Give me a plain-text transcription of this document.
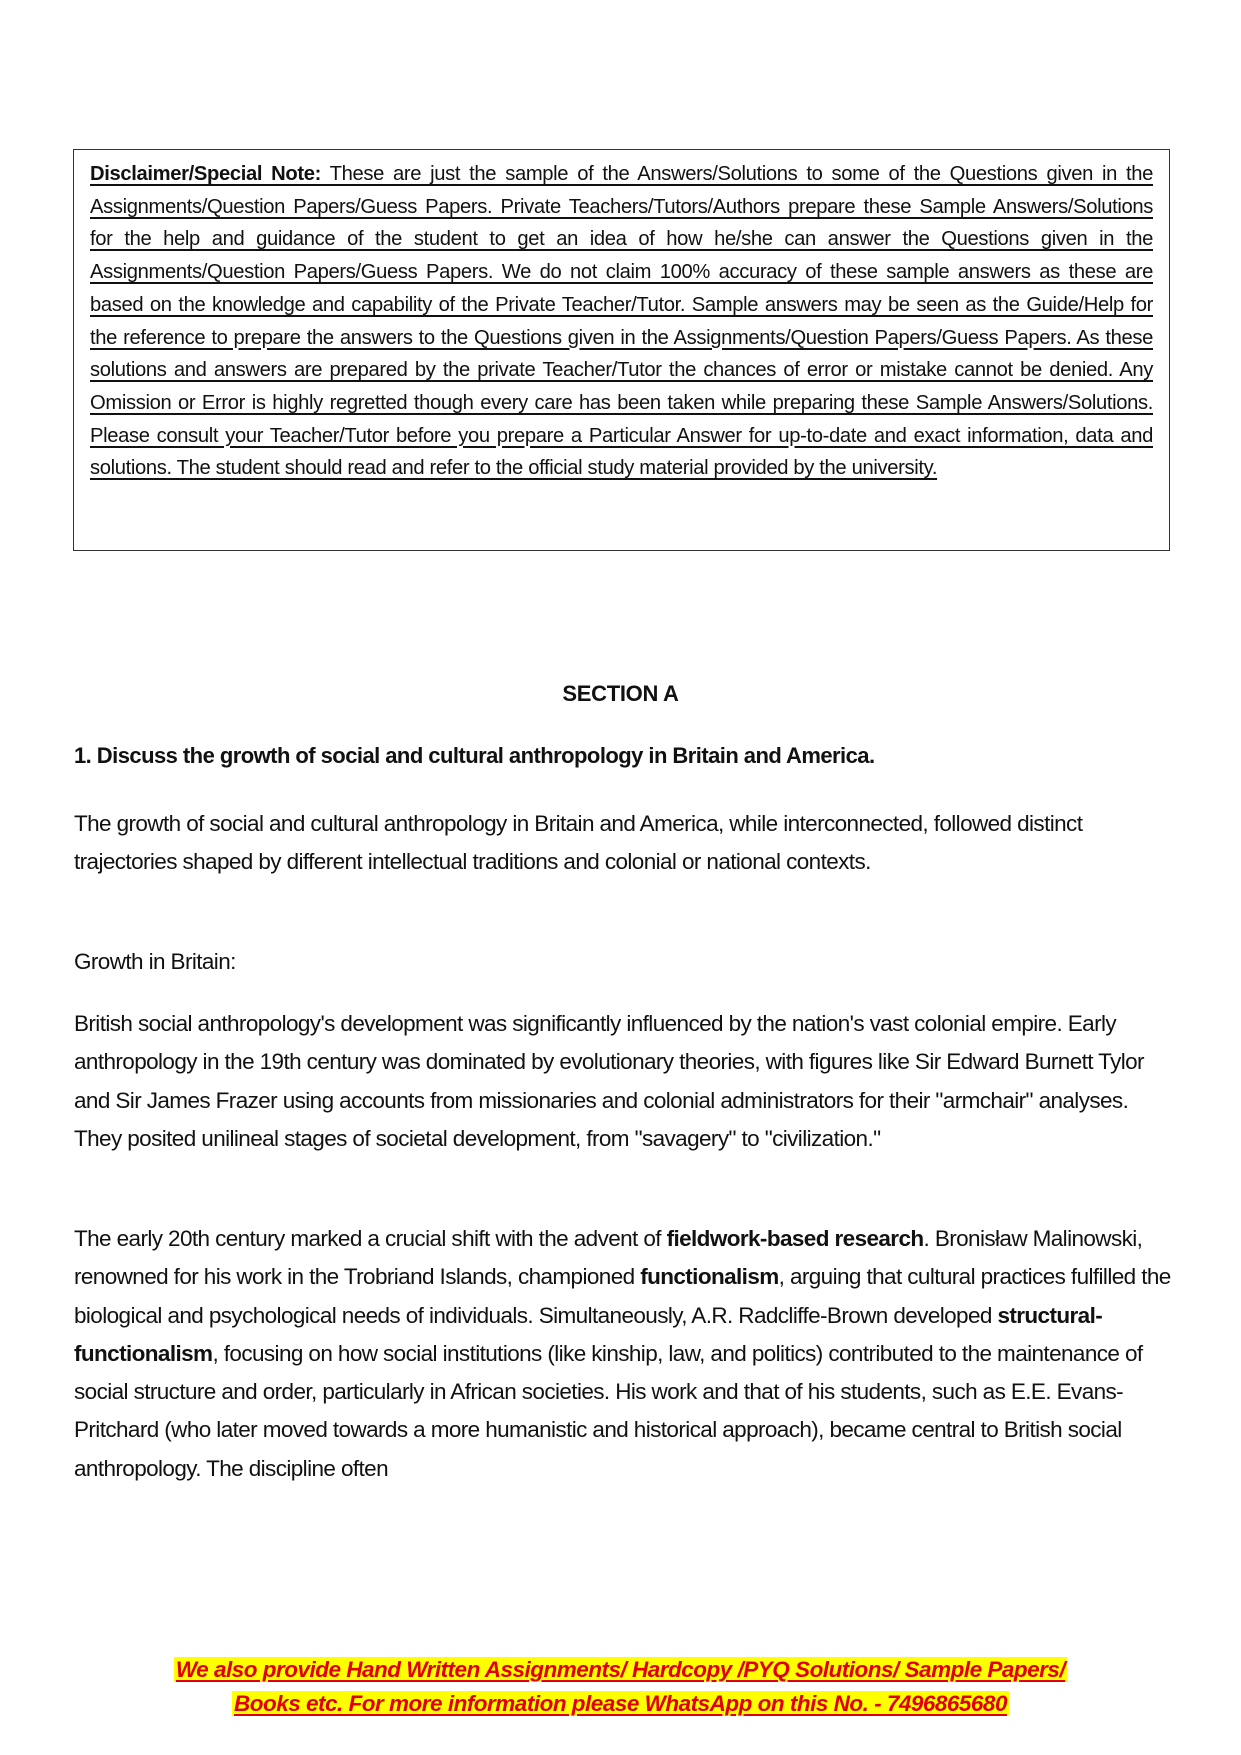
Disclaimer/Special Note: These are just the sample of the Answers/Solutions to some of the Questions given in the Assignments/Question Papers/Guess Papers. Private Teachers/Tutors/Authors prepare these Sample Answers/Solutions for the help and guidance of the student to get an idea of how he/she can answer the Questions given in the Assignments/Question Papers/Guess Papers. We do not claim 100% accuracy of these sample answers as these are based on the knowledge and capability of the Private Teacher/Tutor. Sample answers may be seen as the Guide/Help for the reference to prepare the answers to the Questions given in the Assignments/Question Papers/Guess Papers. As these solutions and answers are prepared by the private Teacher/Tutor the chances of error or mistake cannot be denied. Any Omission or Error is highly regretted though every care has been taken while preparing these Sample Answers/Solutions. Please consult your Teacher/Tutor before you prepare a Particular Answer for up-to-date and exact information, data and solutions. The student should read and refer to the official study material provided by the university.

SECTION A
1. Discuss the growth of social and cultural anthropology in Britain and America.

The growth of social and cultural anthropology in Britain and America, while interconnected, followed distinct trajectories shaped by different intellectual traditions and colonial or national contexts.

Growth in Britain:

British social anthropology's development was significantly influenced by the nation's vast colonial empire. Early anthropology in the 19th century was dominated by evolutionary theories, with figures like Sir Edward Burnett Tylor and Sir James Frazer using accounts from missionaries and colonial administrators for their "armchair" analyses. They posited unilineal stages of societal development, from "savagery" to "civilization."

The early 20th century marked a crucial shift with the advent of fieldwork-based research. Bronisław Malinowski, renowned for his work in the Trobriand Islands, championed functionalism, arguing that cultural practices fulfilled the biological and psychological needs of individuals. Simultaneously, A.R. Radcliffe-Brown developed structural-functionalism, focusing on how social institutions (like kinship, law, and politics) contributed to the maintenance of social structure and order, particularly in African societies. His work and that of his students, such as E.E. Evans-Pritchard (who later moved towards a more humanistic and historical approach), became central to British social anthropology. The discipline often

We also provide Hand Written Assignments/ Hardcopy /PYQ Solutions/ Sample Papers/
Books etc. For more information please WhatsApp on this No. - 7496865680
